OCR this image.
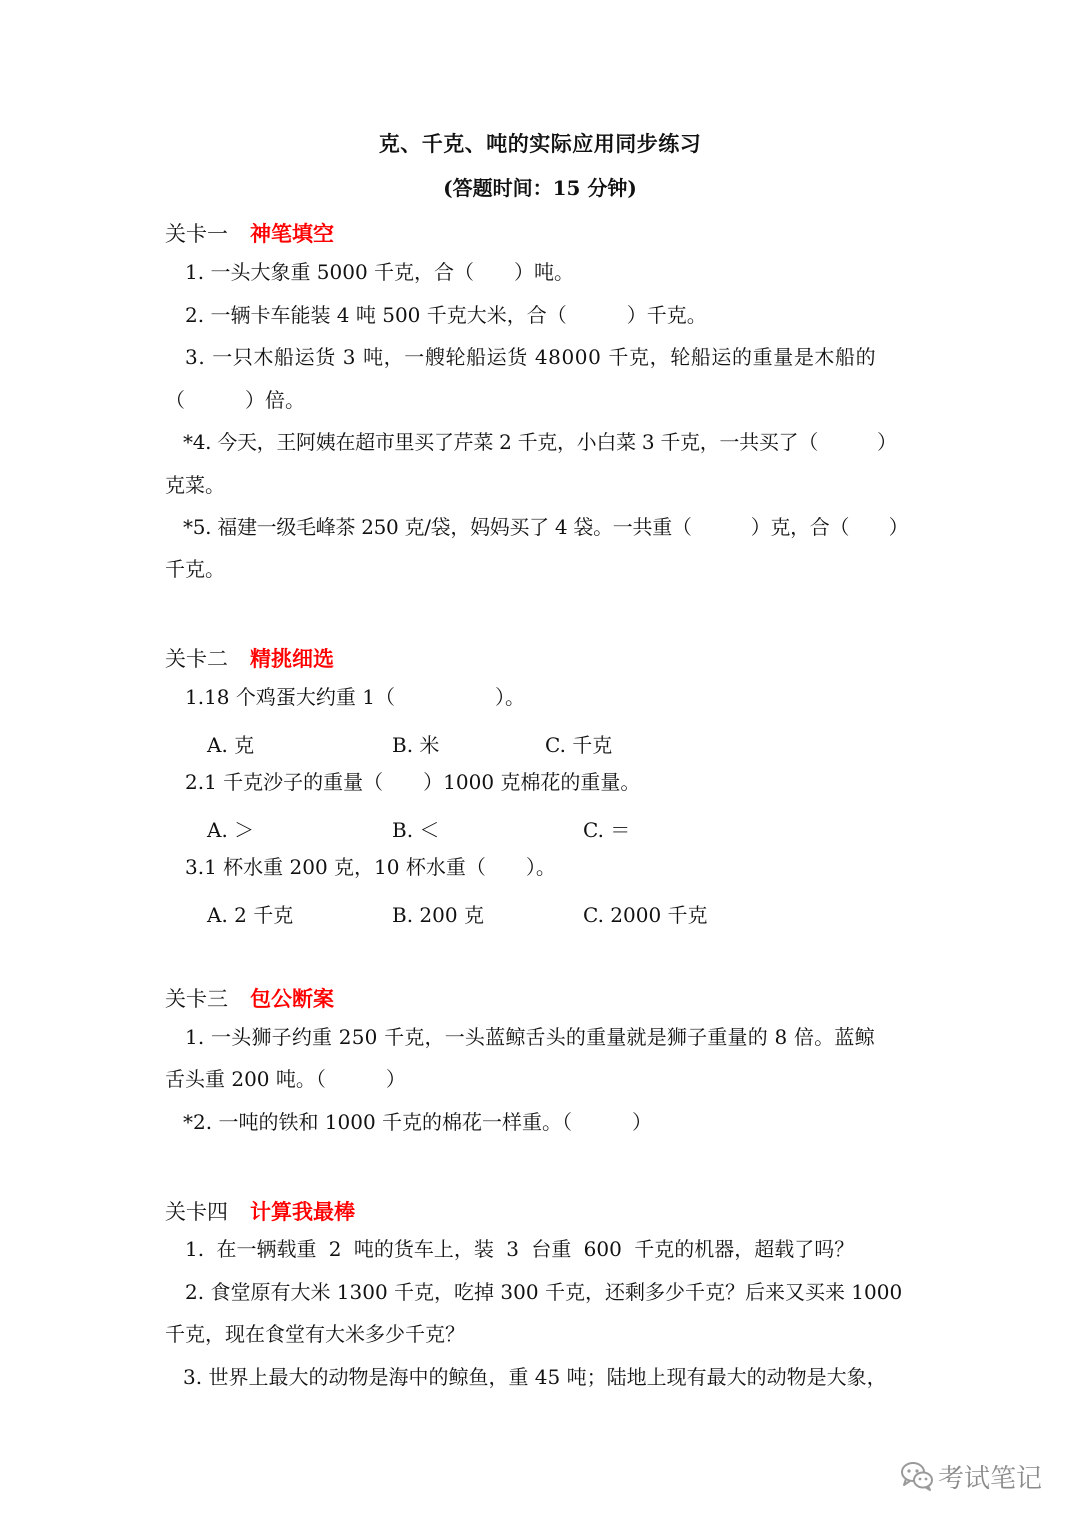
克、千克、吨的实际应用同步练习
(答题时间：15 分钟)
关卡一 神笔填空
1. 一头大象重 5000 千克，合（　　）吨。
2. 一辆卡车能装 4 吨 500 千克大米，合（　　　）千克。
3. 一只木船运货 3 吨，一艘轮船运货 48000 千克，轮船运的重量是木船的
（　　　）倍。
*4. 今天，王阿姨在超市里买了芹菜 2 千克，小白菜 3 千克，一共买了（　　　）
克菜。
*5. 福建一级毛峰茶 250 克/袋，妈妈买了 4 袋。一共重（　　　）克，合（　　）
千克。
关卡二 精挑细选
1.18 个鸡蛋大约重 1（　　　　　）。
A. 克	B. 米	C. 千克
2.1 千克沙子的重量（　　）1000 克棉花的重量。
A. ＞	B. ＜	C. ＝
3.1 杯水重 200 克，10 杯水重（　　）。
A. 2 千克	B. 200 克	C. 2000 千克
关卡三 包公断案
1. 一头狮子约重 250 千克，一头蓝鲸舌头的重量就是狮子重量的 8 倍。蓝鲸
舌头重 200 吨。（　　　）
*2. 一吨的铁和 1000 千克的棉花一样重。（　　　）
关卡四 计算我最棒
1. 在一辆载重 2 吨的货车上，装 3 台重 600 千克的机器，超载了吗？
2. 食堂原有大米 1300 千克，吃掉 300 千克，还剩多少千克？后来又买来 1000
千克，现在食堂有大米多少千克？
3. 世界上最大的动物是海中的鲸鱼，重 45 吨；陆地上现有最大的动物是大象，
考试笔记
